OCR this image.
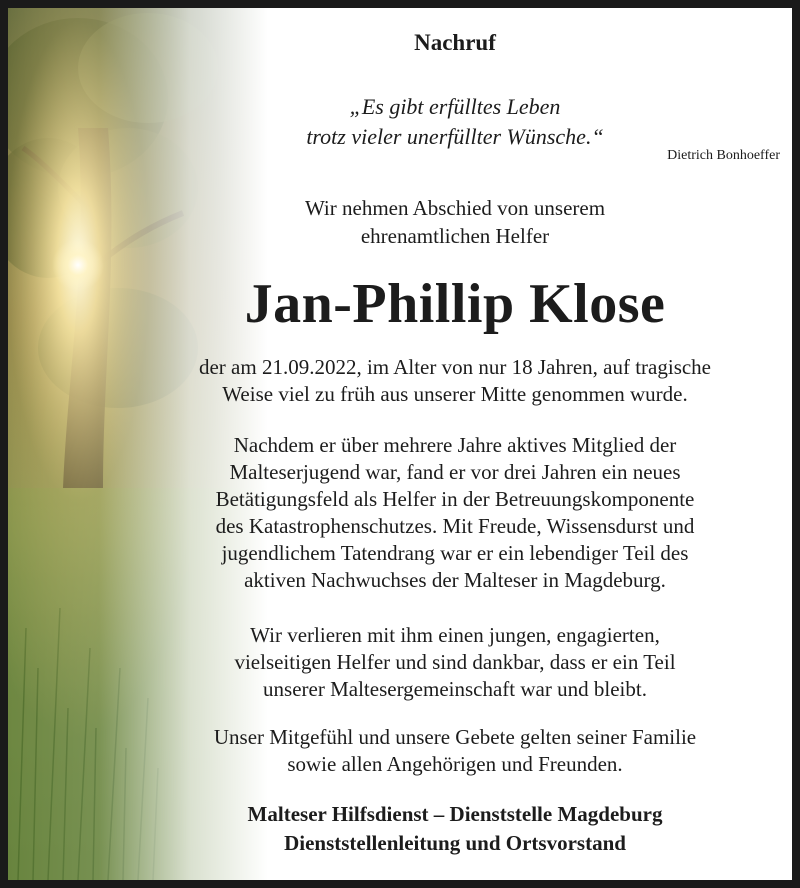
Nachruf
„Es gibt erfülltes Leben
trotz vieler unerfüllter Wünsche.“
Dietrich Bonhoeffer
Wir nehmen Abschied von unserem
ehrenamtlichen Helfer
Jan-Phillip Klose
der am 21.09.2022, im Alter von nur 18 Jahren, auf tragische
Weise viel zu früh aus unserer Mitte genommen wurde.
Nachdem er über mehrere Jahre aktives Mitglied der
Malteserjugend war, fand er vor drei Jahren ein neues
Betätigungsfeld als Helfer in der Betreuungskomponente
des Katastrophenschutzes. Mit Freude, Wissensdurst und
jugendlichem Tatendrang war er ein lebendiger Teil des
aktiven Nachwuchses der Malteser in Magdeburg.
Wir verlieren mit ihm einen jungen, engagierten,
vielseitigen Helfer und sind dankbar, dass er ein Teil
unserer Maltesergemeinschaft war und bleibt.
Unser Mitgefühl und unsere Gebete gelten seiner Familie
sowie allen Angehörigen und Freunden.
Malteser Hilfsdienst – Dienststelle Magdeburg
Dienststellenleitung und Ortsvorstand
